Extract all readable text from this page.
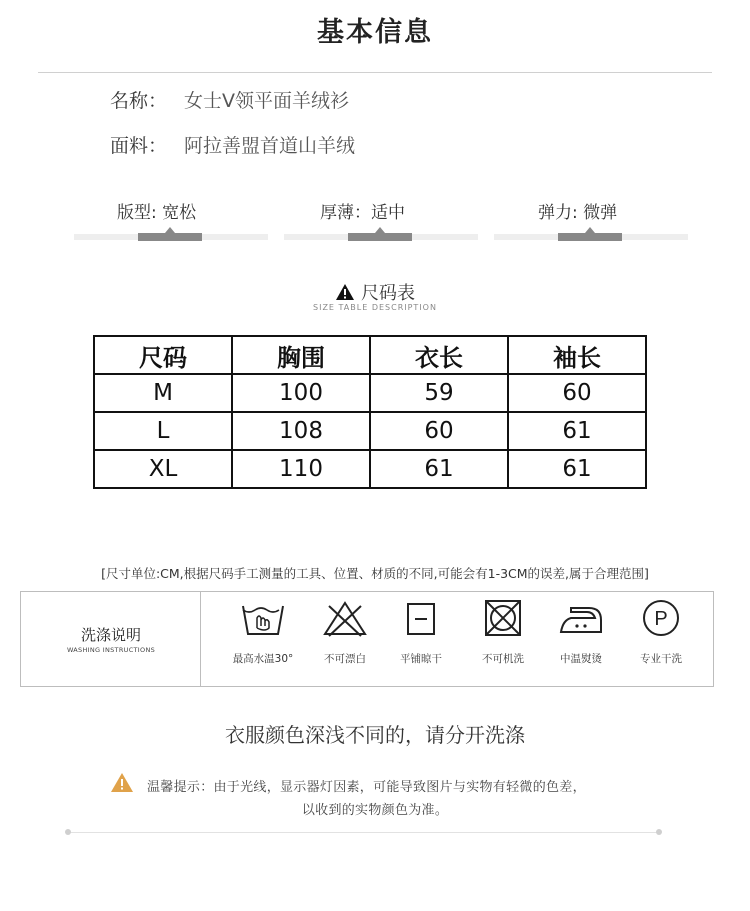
基本信息
名称： 女士V领平面羊绒衫
面料： 阿拉善盟首道山羊绒
版型: 宽松	厚薄：适中	弹力: 微弹
尺码表
SIZE TABLE DESCRIPTION
尺码	胸围	衣长	袖长
M	100	59	60
L	108	60	61
XL	110	61	61
[尺寸单位:CM,根据尺码手工测量的工具、位置、材质的不同,可能会有1-3CM的误差,属于合理范围]
洗涤说明
WASHING INSTRUCTIONS
最高水温30°	不可漂白	平铺晾干	不可机洗	中温熨烫
P
专业干洗
衣服颜色深浅不同的，请分开洗涤
温馨提示：由于光线，显示器灯因素，可能导致图片与实物有轻微的色差，
以收到的实物颜色为准。
